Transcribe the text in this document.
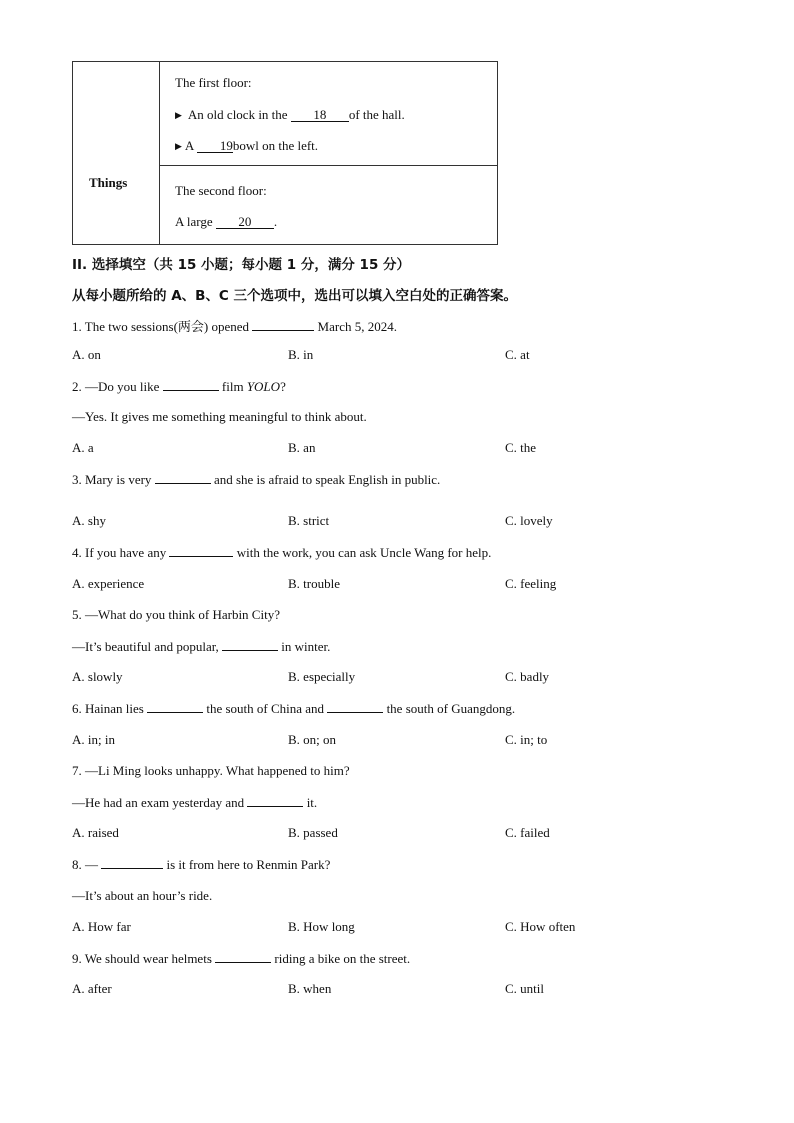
Things
The first floor:
▶ An old clock in the 18 of the hall.
▶ A 19bowl on the left.
The second floor:
A large 20 .
II. 选择填空（共 15 小题；每小题 1 分，满分 15 分）
从每小题所给的 A、B、C 三个选项中，选出可以填入空白处的正确答案。
1. The two sessions(两会) opened	March 5, 2024.
A. on	B. in	C. at
2. —Do you like	film YOLO?
—Yes. It gives me something meaningful to think about.
A. a	B. an	C. the
3. Mary is very	and she is afraid to speak English in public.
A. shy	B. strict	C. lovely
4. If you have any	with the work, you can ask Uncle Wang for help.
A. experience	B. trouble	C. feeling
5. —What do you think of Harbin City?
—It’s beautiful and popular,	in winter.
A. slowly	B. especially	C. badly
6. Hainan lies	the south of China and	the south of Guangdong.
A. in; in	B. on; on	C. in; to
7. —Li Ming looks unhappy. What happened to him?
—He had an exam yesterday and	it.
A. raised	B. passed	C. failed
8. —	is it from here to Renmin Park?
—It’s about an hour’s ride.
A. How far	B. How long	C. How often
9. We should wear helmets	riding a bike on the street.
A. after	B. when	C. until
